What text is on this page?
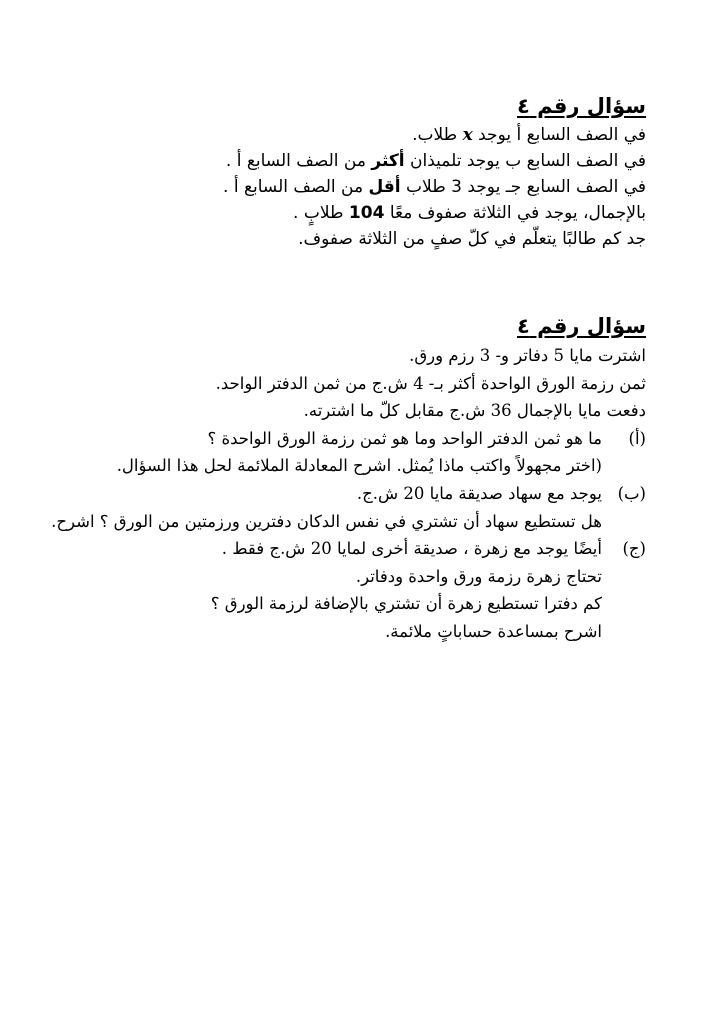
سؤال رقم ٤
في الصف السابع أ يوجد x طلاب.
في الصف السابع ب يوجد تلميذان أكثر من الصف السابع أ .
في الصف السابع جـ يوجد 3 طلاب أقل من الصف السابع أ .
بالإجمال، يوجد في الثلاثة صفوف معًا 104 طلابٍ .
جد كم طالبًا يتعلّم في كلّ صفٍ من الثلاثة صفوف.
سؤال رقم ٤
اشترت مايا 5 دفاتر و- 3 رزم ورق.
ثمن رزمة الورق الواحدة أكثر بـ- 4 ش.ج من ثمن الدفتر الواحد.
دفعت مايا بالإجمال 36 ش.ج مقابل كلّ ما اشترته.
(أ)ما هو ثمن الدفتر الواحد وما هو ثمن رزمة الورق الواحدة ؟
(اختر مجهولاً واكتب ماذا يُمثل. اشرح المعادلة الملائمة لحل هذا السؤال.
(ب)يوجد مع سهاد صديقة مايا 20 ش.ج.
هل تستطيع سهاد أن تشتري في نفس الدكان دفترين ورزمتين من الورق ؟ اشرح.
(ج)أيضًا يوجد مع زهرة ، صديقة أخرى لمايا 20 ش.ج فقط .
تحتاج زهرة رزمة ورق واحدة ودفاتر.
كم دفترا تستطيع زهرة أن تشتري بالإضافة لرزمة الورق ؟
اشرح بمساعدة حساباتٍ ملائمة.
